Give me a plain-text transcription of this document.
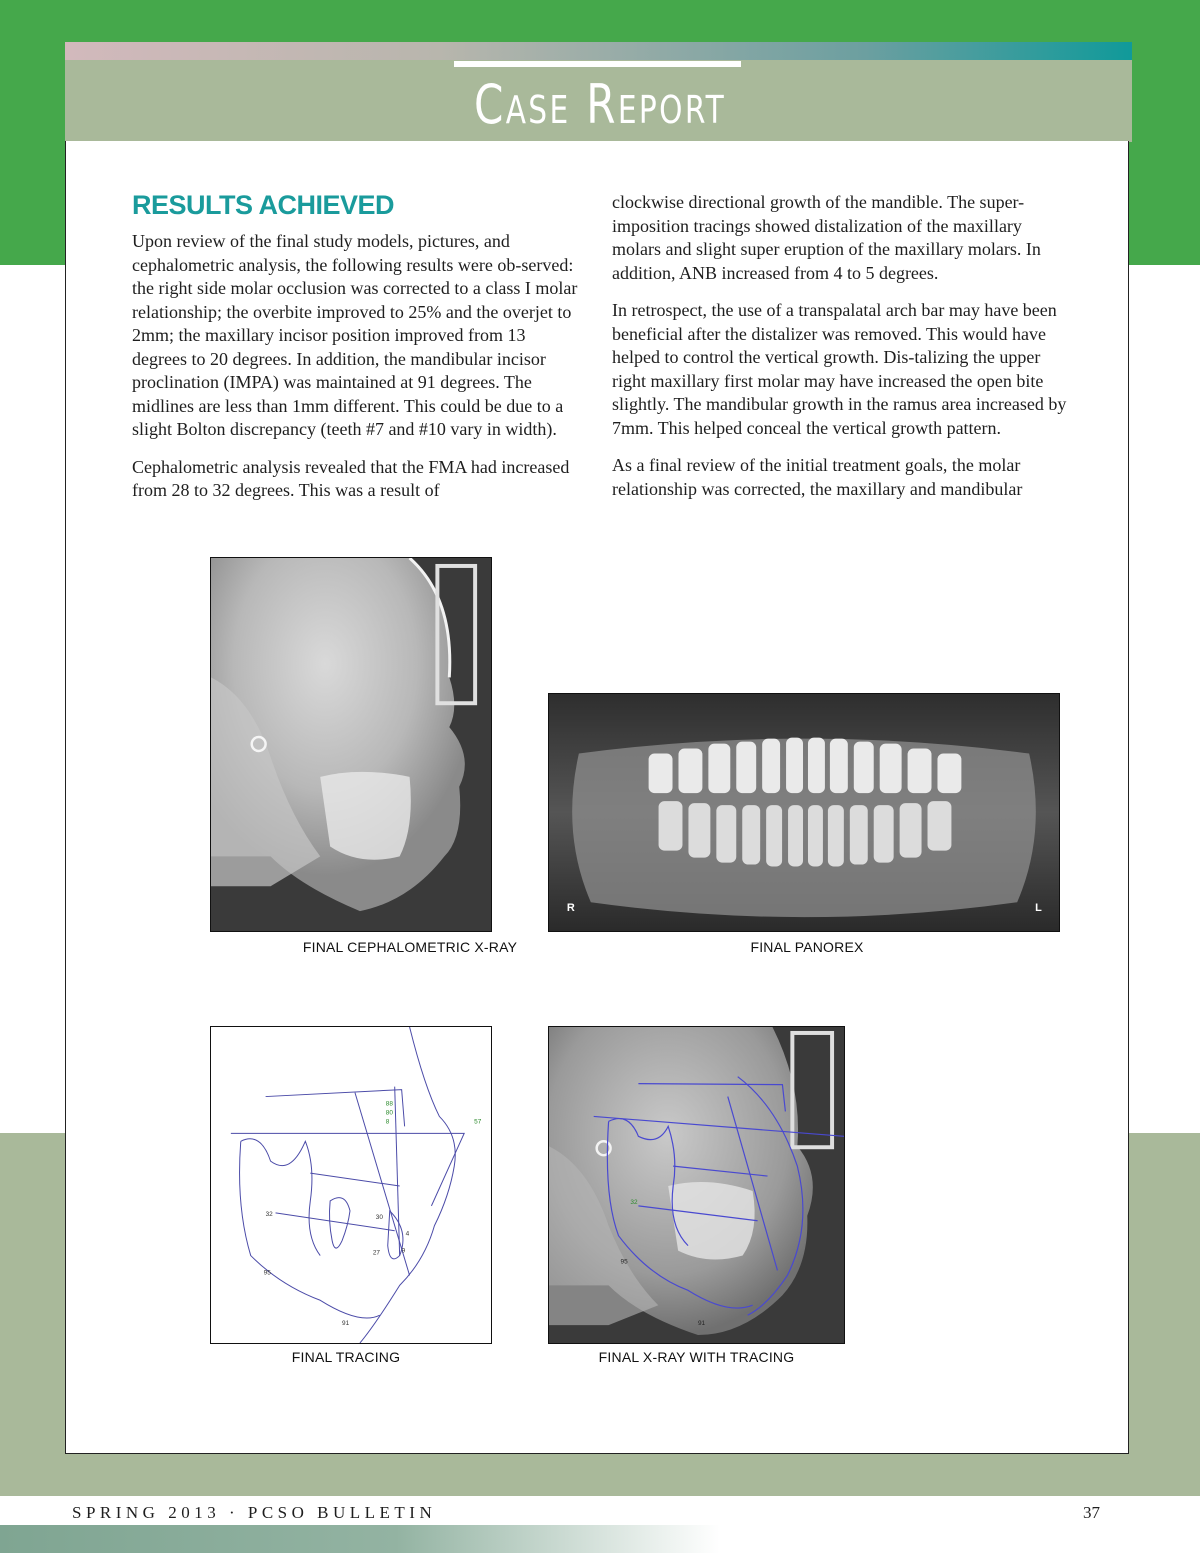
Case Report
RESULTS ACHIEVED

Upon review of the final study models, pictures, and cephalometric analysis, the following results were ob-served: the right side molar occlusion was corrected to a class I molar relationship; the overbite improved to 25% and the overjet to 2mm; the maxillary incisor position improved from 13 degrees to 20 degrees. In addition, the mandibular incisor proclination (IMPA) was maintained at 91 degrees. The midlines are less than 1mm different. This could be due to a slight Bolton discrepancy (teeth #7 and #10 vary in width).

Cephalometric analysis revealed that the FMA had increased from 28 to 32 degrees. This was a result of

clockwise directional growth of the mandible. The super-imposition tracings showed distalization of the maxillary molars and slight super eruption of the maxillary molars. In addition, ANB increased from 4 to 5 degrees.

In retrospect, the use of a transpalatal arch bar may have been beneficial after the distalizer was removed. This would have helped to control the vertical growth. Dis-talizing the upper right maxillary first molar may have increased the open bite slightly. The mandibular growth in the ramus area increased by 7mm. This helped conceal the vertical growth pattern.

As a final review of the initial treatment goals, the molar relationship was corrected, the maxillary and mandibular

FINAL CEPHALOMETRIC X-RAY
R	L
FINAL PANOREX
88
80
8	57
32	30
27
4
9
95
91
FINAL TRACING
32
95
91
FINAL X-RAY WITH TRACING
SPRING 2013 · PCSO BULLETIN	37
